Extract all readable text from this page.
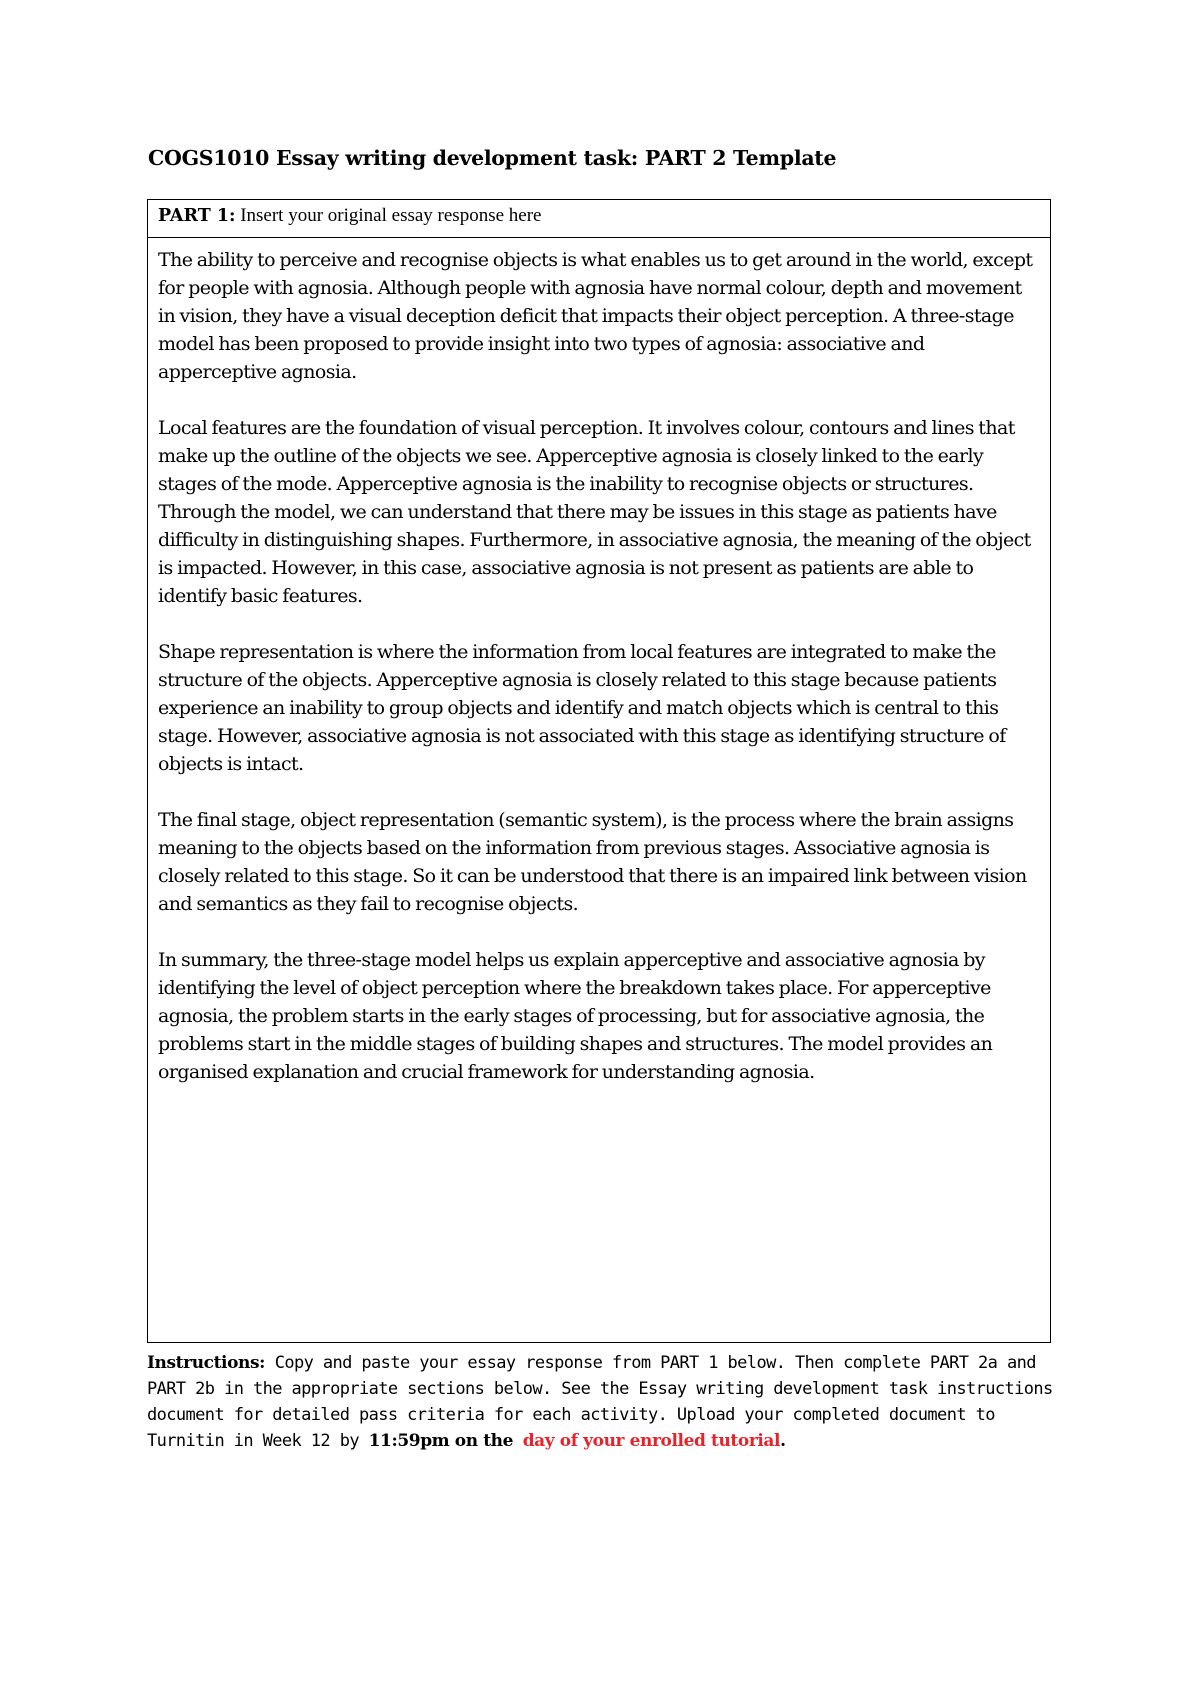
COGS1010 Essay writing development task: PART 2 Template
PART 1: Insert your original essay response here

The ability to perceive and recognise objects is what enables us to get around in the world, except for people with agnosia. Although people with agnosia have normal colour, depth and movement in vision, they have a visual deception deficit that impacts their object perception. A three-stage model has been proposed to provide insight into two types of agnosia: associative and apperceptive agnosia.

Local features are the foundation of visual perception. It involves colour, contours and lines that make up the outline of the objects we see. Apperceptive agnosia is closely linked to the early stages of the mode. Apperceptive agnosia is the inability to recognise objects or structures. Through the model, we can understand that there may be issues in this stage as patients have difficulty in distinguishing shapes. Furthermore, in associative agnosia, the meaning of the object is impacted. However, in this case, associative agnosia is not present as patients are able to identify basic features.

Shape representation is where the information from local features are integrated to make the structure of the objects. Apperceptive agnosia is closely related to this stage because patients experience an inability to group objects and identify and match objects which is central to this stage. However, associative agnosia is not associated with this stage as identifying structure of objects is intact.

The final stage, object representation (semantic system), is the process where the brain assigns meaning to the objects based on the information from previous stages. Associative agnosia is closely related to this stage. So it can be understood that there is an impaired link between vision and semantics as they fail to recognise objects.

In summary, the three-stage model helps us explain apperceptive and associative agnosia by identifying the level of object perception where the breakdown takes place. For apperceptive agnosia, the problem starts in the early stages of processing, but for associative agnosia, the problems start in the middle stages of building shapes and structures. The model provides an organised explanation and crucial framework for understanding agnosia.

Instructions: Copy and paste your essay response from PART 1 below. Then complete PART 2a and PART 2b in the appropriate sections below. See the Essay writing development task instructions document for detailed pass criteria for each activity. Upload your completed document to Turnitin in Week 12 by 11:59pm on the day of your enrolled tutorial.
